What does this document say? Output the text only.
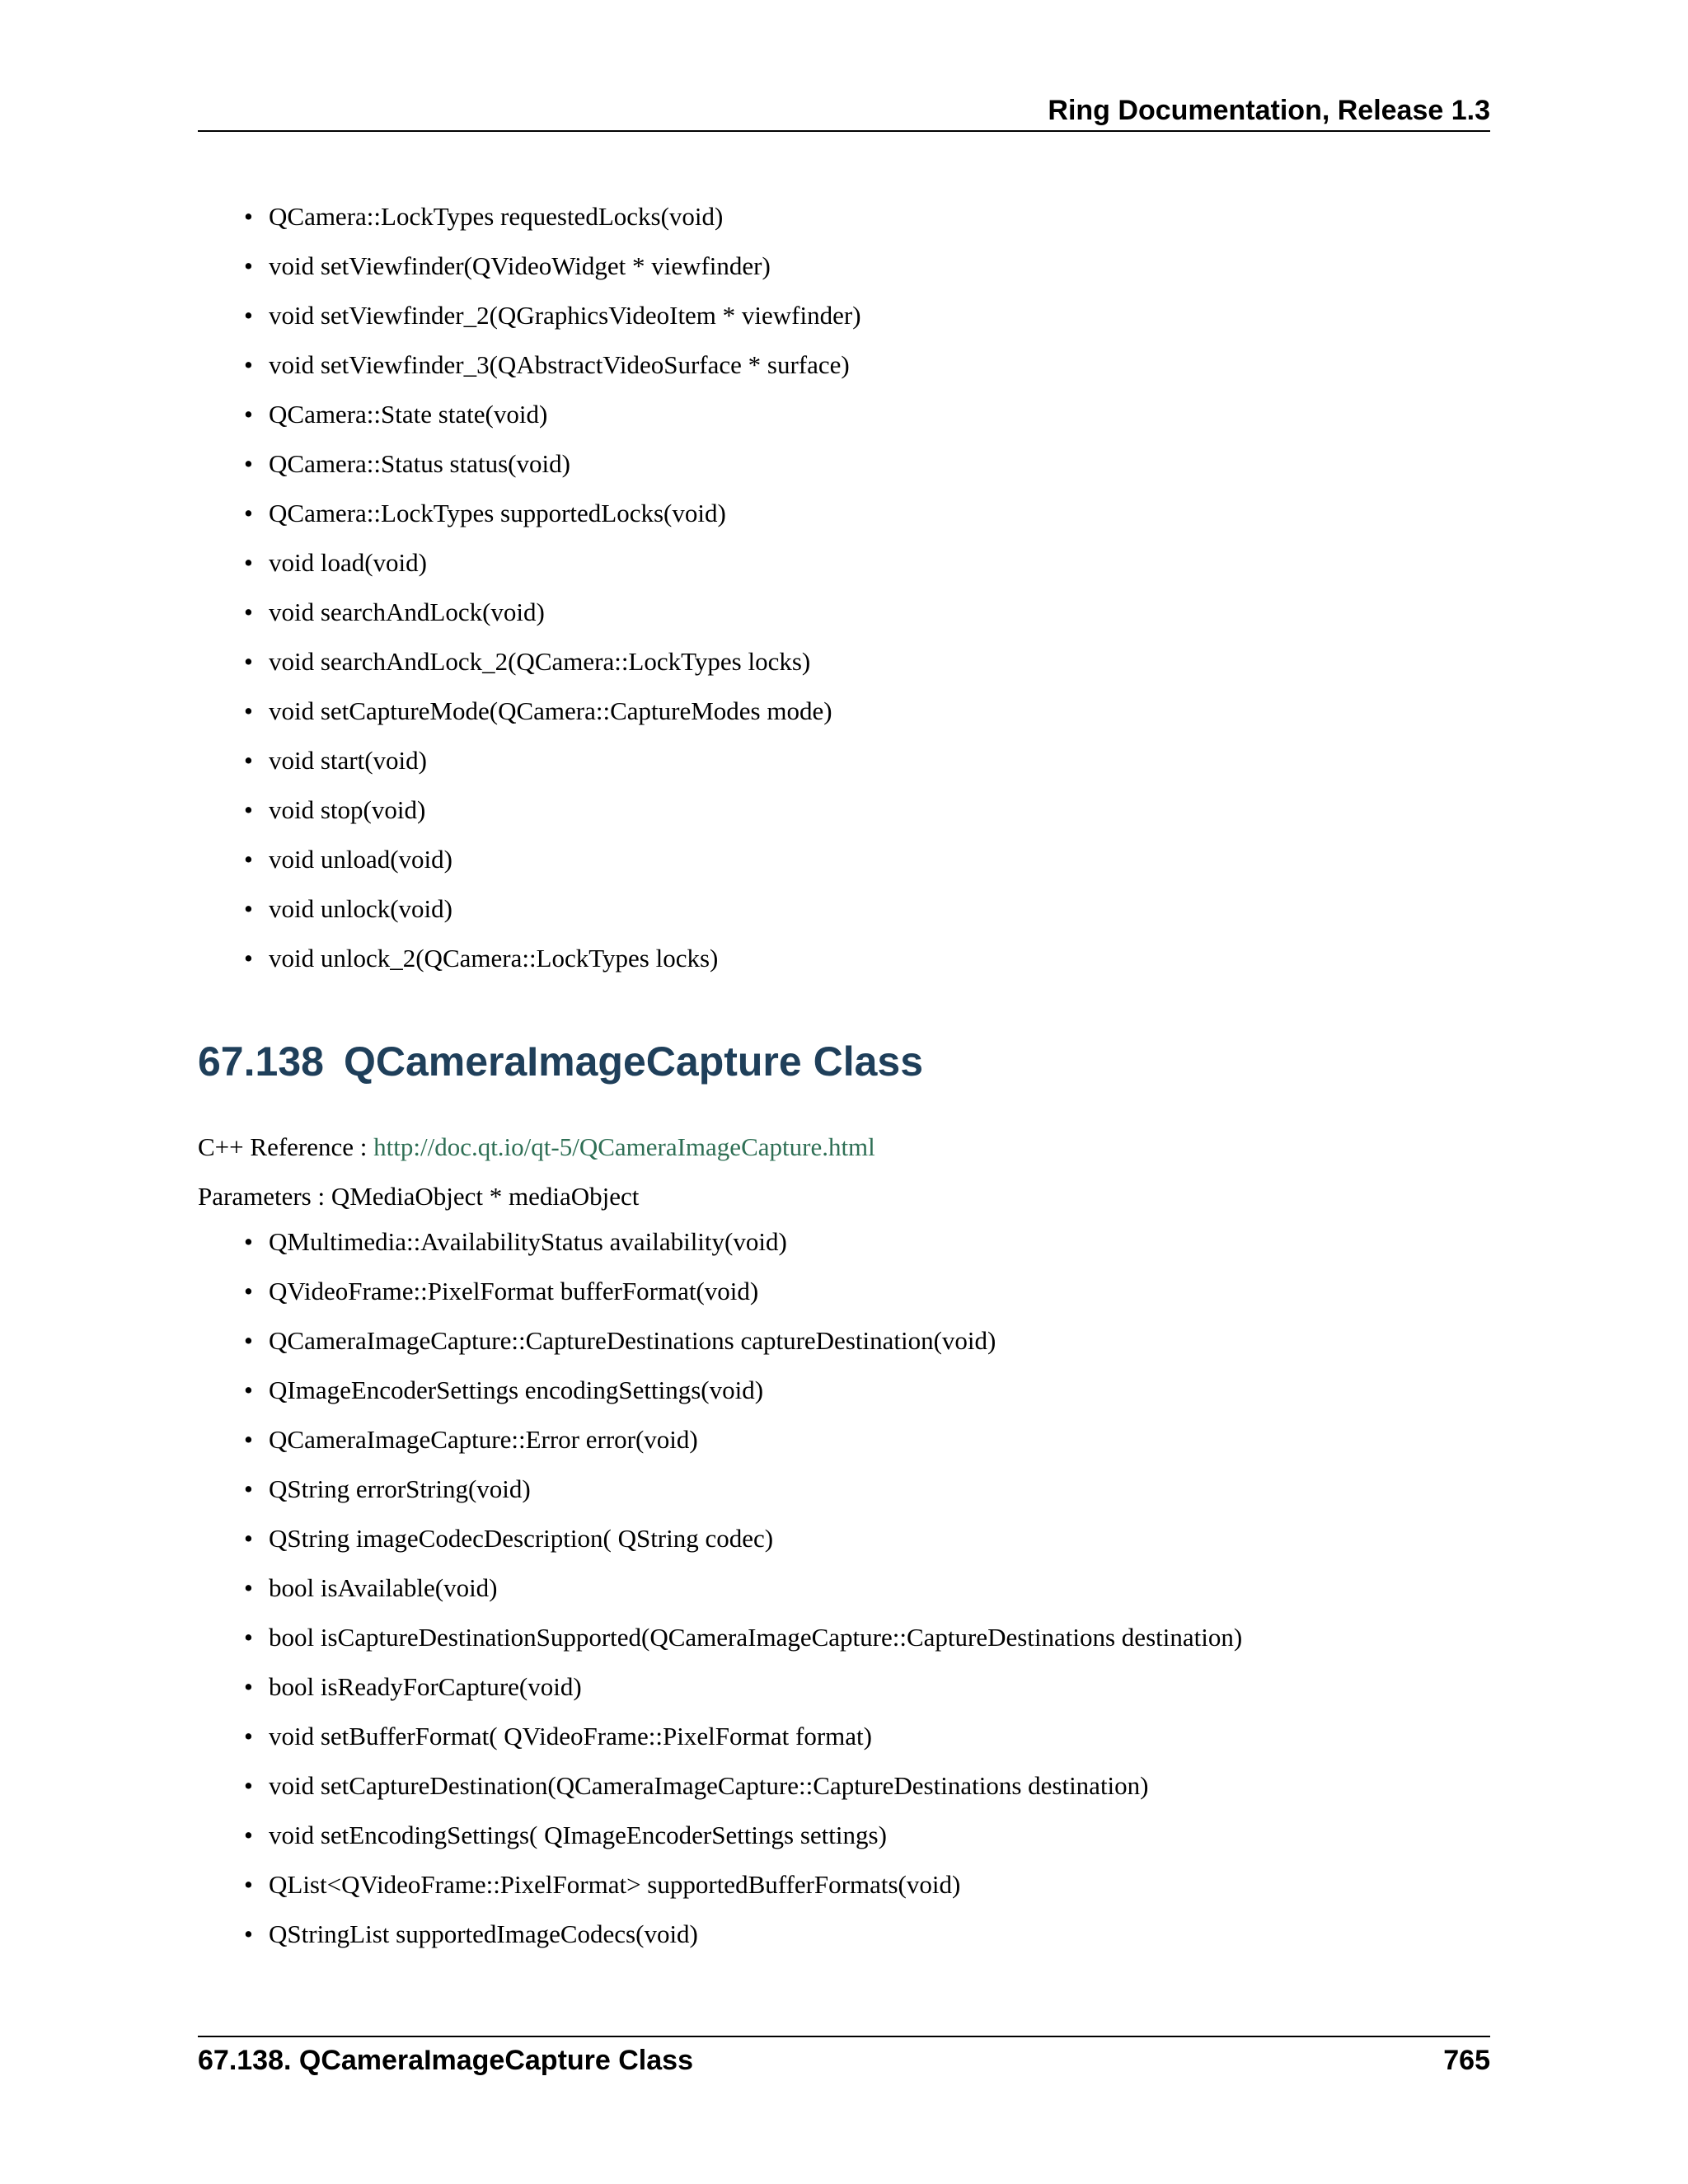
Ring Documentation, Release 1.3
• QCamera::LockTypes requestedLocks(void)
• void setViewfinder(QVideoWidget * viewfinder)
• void setViewfinder_2(QGraphicsVideoItem * viewfinder)
• void setViewfinder_3(QAbstractVideoSurface * surface)
• QCamera::State state(void)
• QCamera::Status status(void)
• QCamera::LockTypes supportedLocks(void)
• void load(void)
• void searchAndLock(void)
• void searchAndLock_2(QCamera::LockTypes locks)
• void setCaptureMode(QCamera::CaptureModes mode)
• void start(void)
• void stop(void)
• void unload(void)
• void unlock(void)
• void unlock_2(QCamera::LockTypes locks)
67.138 QCameraImageCapture Class
C++ Reference : http://doc.qt.io/qt-5/QCameraImageCapture.html
Parameters : QMediaObject * mediaObject
• QMultimedia::AvailabilityStatus availability(void)
• QVideoFrame::PixelFormat bufferFormat(void)
• QCameraImageCapture::CaptureDestinations captureDestination(void)
• QImageEncoderSettings encodingSettings(void)
• QCameraImageCapture::Error error(void)
• QString errorString(void)
• QString imageCodecDescription( QString codec)
• bool isAvailable(void)
• bool isCaptureDestinationSupported(QCameraImageCapture::CaptureDestinations destination)
• bool isReadyForCapture(void)
• void setBufferFormat( QVideoFrame::PixelFormat format)
• void setCaptureDestination(QCameraImageCapture::CaptureDestinations destination)
• void setEncodingSettings( QImageEncoderSettings settings)
• QList<QVideoFrame::PixelFormat> supportedBufferFormats(void)
• QStringList supportedImageCodecs(void)
67.138. QCameraImageCapture Class	765
